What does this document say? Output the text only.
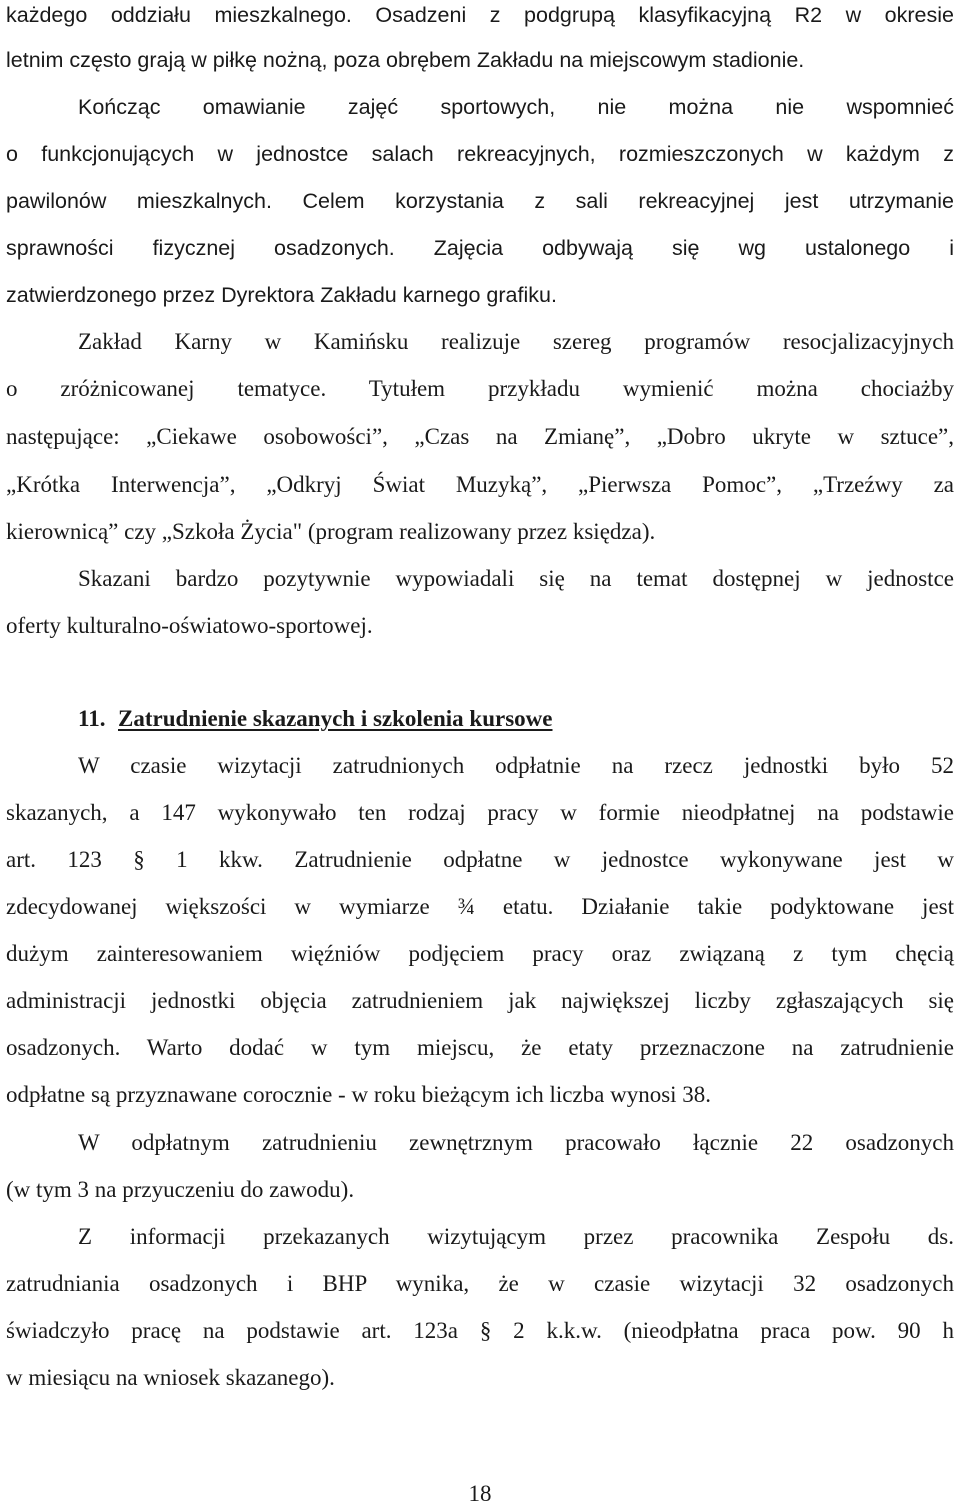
każdego oddziału mieszkalnego. Osadzeni z podgrupą klasyfikacyjną R2 w okresie
letnim często grają w piłkę nożną, poza obrębem Zakładu na miejscowym stadionie.
Kończąc omawianie zajęć sportowych, nie można nie wspomnieć
o funkcjonujących w jednostce salach rekreacyjnych, rozmieszczonych w każdym z
pawilonów mieszkalnych. Celem korzystania z sali rekreacyjnej jest utrzymanie
sprawności fizycznej osadzonych. Zajęcia odbywają się wg ustalonego i
zatwierdzonego przez Dyrektora Zakładu karnego grafiku.
Zakład Karny w Kamińsku realizuje szereg programów resocjalizacyjnych
o zróżnicowanej tematyce. Tytułem przykładu wymienić można chociażby
następujące: „Ciekawe osobowości”, „Czas na Zmianę”, „Dobro ukryte w sztuce”,
„Krótka Interwencja”, „Odkryj Świat Muzyką”, „Pierwsza Pomoc”, „Trzeźwy za
kierownicą” czy „Szkoła Życia" (program realizowany przez księdza).
Skazani bardzo pozytywnie wypowiadali się na temat dostępnej w jednostce
oferty kulturalno-oświatowo-sportowej.
11. Zatrudnienie skazanych i szkolenia kursowe
W czasie wizytacji zatrudnionych odpłatnie na rzecz jednostki było 52
skazanych, a 147 wykonywało ten rodzaj pracy w formie nieodpłatnej na podstawie
art. 123 § 1 kkw. Zatrudnienie odpłatne w jednostce wykonywane jest w
zdecydowanej większości w wymiarze ¾ etatu. Działanie takie podyktowane jest
dużym zainteresowaniem więźniów podjęciem pracy oraz związaną z tym chęcią
administracji jednostki objęcia zatrudnieniem jak największej liczby zgłaszających się
osadzonych. Warto dodać w tym miejscu, że etaty przeznaczone na zatrudnienie
odpłatne są przyznawane corocznie - w roku bieżącym ich liczba wynosi 38.
W odpłatnym zatrudnieniu zewnętrznym pracowało łącznie 22 osadzonych
(w tym 3 na przyuczeniu do zawodu).
Z informacji przekazanych wizytującym przez pracownika Zespołu ds.
zatrudniania osadzonych i BHP wynika, że w czasie wizytacji 32 osadzonych
świadczyło pracę na podstawie art. 123a § 2 k.k.w. (nieodpłatna praca pow. 90 h
w miesiącu na wniosek skazanego).
18
